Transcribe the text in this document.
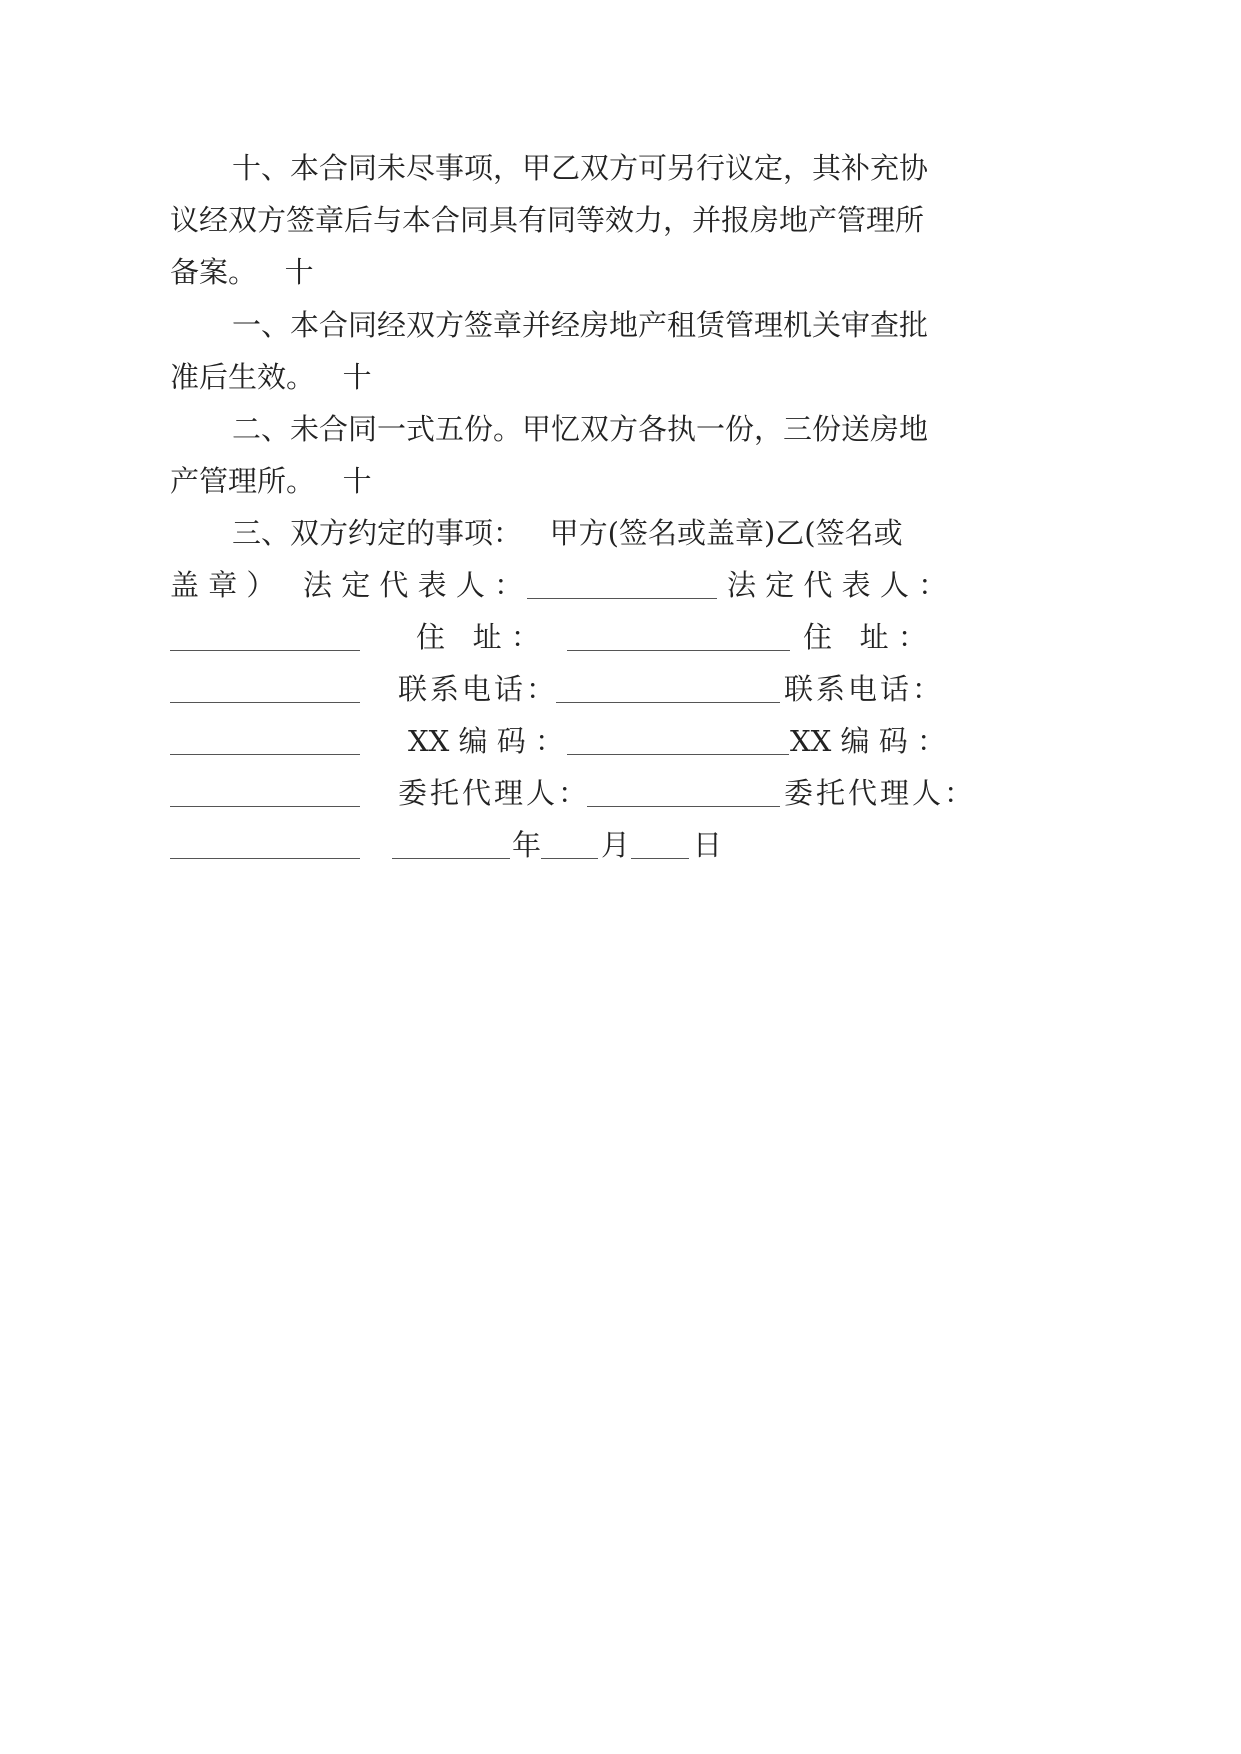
十、本合同未尽事项，甲乙双方可另行议定，其补充协
议经双方签章后与本合同具有同等效力，并报房地产管理所
备案。   十
一、本合同经双方签章并经房地产租赁管理机关审查批
准后生效。   十
二、未合同一式五份。甲忆双方各执一份，三份送房地
产管理所。   十
三、双方约定的事项：   甲方(签名或盖章)乙(签名或
盖 章 ） 法 定 代 表 人 ：	法 定 代 表 人 ：
住   址 ：	住   址 ：
联系电话：	联系电话：
XX 编 码 ：	XX 编 码 ：
委托代理人：	委托代理人：
年 月 日
